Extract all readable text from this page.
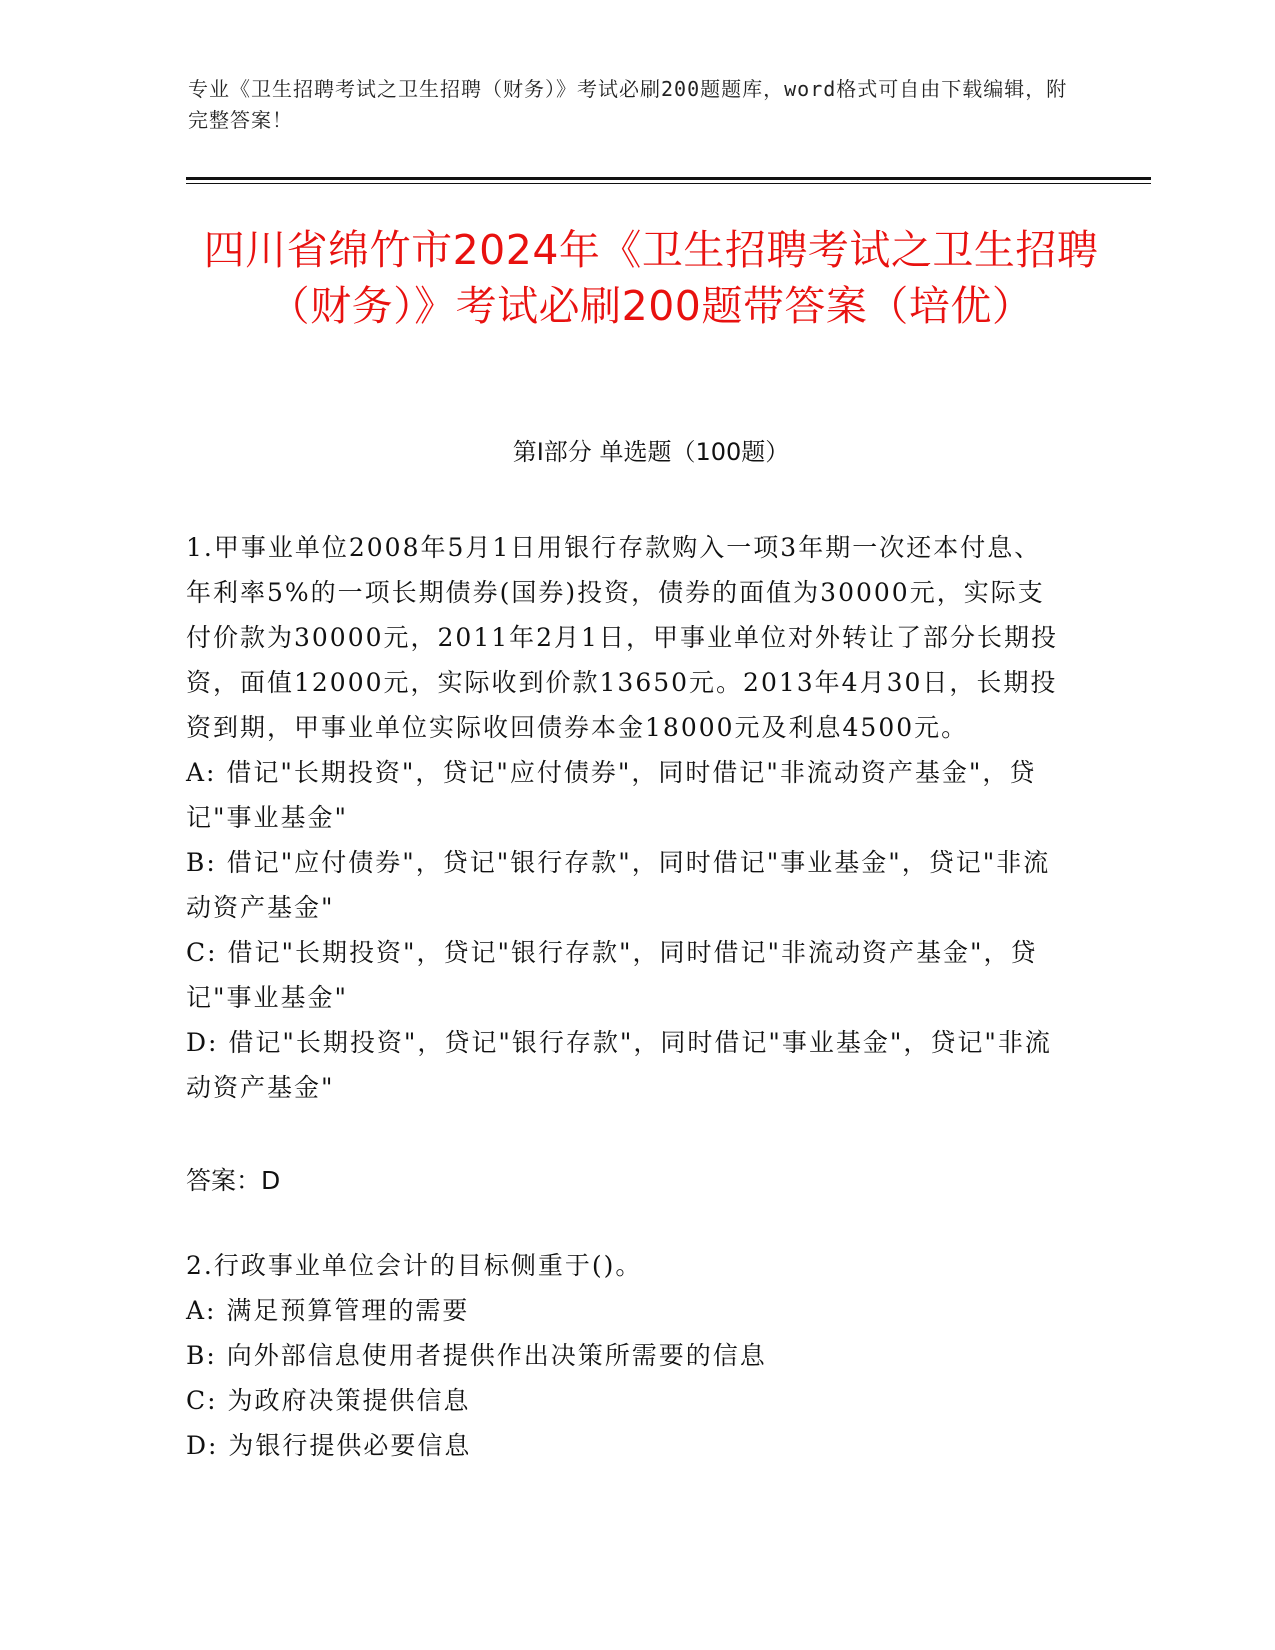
专业《卫生招聘考试之卫生招聘（财务）》考试必刷200题题库，word格式可自由下载编辑，附完整答案！
四川省绵竹市2024年《卫生招聘考试之卫生招聘（财务）》考试必刷200题带答案（培优）
第I部分 单选题（100题）
1.甲事业单位2008年5月1日用银行存款购入一项3年期一次还本付息、年利率5%的一项长期债券(国券)投资，债券的面值为30000元，实际支付价款为30000元，2011年2月1日，甲事业单位对外转让了部分长期投资，面值12000元，实际收到价款13650元。2013年4月30日，长期投资到期，甲事业单位实际收回债券本金18000元及利息4500元。
A: 借记"长期投资"，贷记"应付债券"，同时借记"非流动资产基金"，贷记"事业基金"
B: 借记"应付债券"，贷记"银行存款"，同时借记"事业基金"，贷记"非流动资产基金"
C: 借记"长期投资"，贷记"银行存款"，同时借记"非流动资产基金"，贷记"事业基金"
D: 借记"长期投资"，贷记"银行存款"，同时借记"事业基金"，贷记"非流动资产基金"
答案：D
2.行政事业单位会计的目标侧重于()。
A: 满足预算管理的需要
B: 向外部信息使用者提供作出决策所需要的信息
C: 为政府决策提供信息
D: 为银行提供必要信息
